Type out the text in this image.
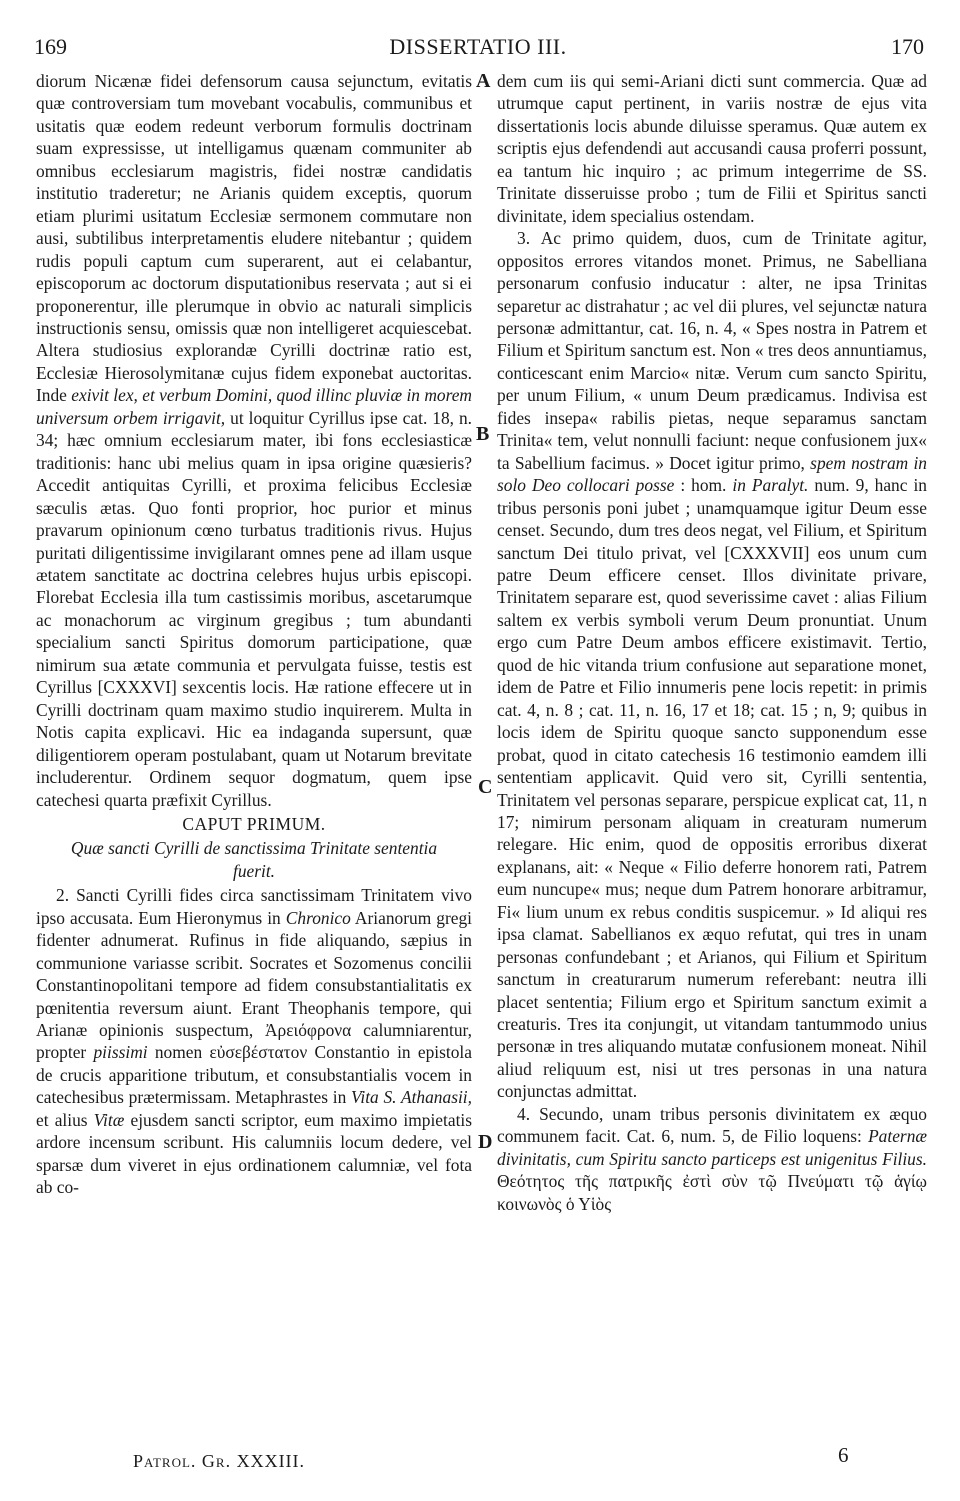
169	DISSERTATIO III.	170

diorum Nicænæ fidei defensorum causa sejunctum, evitatis quæ controversiam tum movebant vocabulis, communibus et usitatis quæ eodem redeunt verborum formulis doctrinam suam expressisse, ut intelligamus quænam communiter ab omnibus ecclesiarum magistris, fidei nostræ candidatis institutio traderetur; ne Arianis quidem exceptis, quorum etiam plurimi usitatum Ecclesiæ sermonem commutare non ausi, subtilibus interpretamentis eludere nitebantur ; quidem rudis populi captum cum superarent, aut ei celabantur, episcoporum ac doctorum disputationibus reservata ; aut si ei proponerentur, ille plerumque in obvio ac naturali simplicis instructionis sensu, omissis quæ non intelligeret acquiescebat. Altera studiosius explorandæ Cyrilli doctrinæ ratio est, Ecclesiæ Hierosolymitanæ cujus fidem exponebat auctoritas. Inde exivit lex, et verbum Domini, quod illinc pluviæ in morem universum orbem irrigavit, ut loquitur Cyrillus ipse cat. 18, n. 34; hæc omnium ecclesiarum mater, ibi fons ecclesiasticæ traditionis: hanc ubi melius quam in ipsa origine quæsieris? Accedit antiquitas Cyrilli, et proxima felicibus Ecclesiæ sæculis ætas. Quo fonti proprior, hoc purior et minus pravarum opinionum cœno turbatus traditionis rivus. Hujus puritati diligentissime invigilarant omnes pene ad illam usque ætatem sanctitate ac doctrina celebres hujus urbis episcopi. Florebat Ecclesia illa tum castissimis moribus, ascetarumque ac monachorum ac virginum gregibus ; tum abundanti specialium sancti Spiritus domorum participatione, quæ nimirum sua ætate communia et pervulgata fuisse, testis est Cyrillus [CXXXVI] sexcentis locis. Hæ ratione effecere ut in Cyrilli doctrinam quam maximo studio inquirerem. Multa in Notis capita explicavi. Hic ea indaganda supersunt, quæ diligentiorem operam postulabant, quam ut Notarum brevitate includerentur. Ordinem sequor dogmatum, quem ipse catechesi quarta præfixit Cyrillus.

CAPUT PRIMUM.
Quæ sancti Cyrilli de sanctissima Trinitate sententia fuerit.

2. Sancti Cyrilli fides circa sanctissimam Trinitatem vivo ipso accusata. Eum Hieronymus in Chronico Arianorum gregi fidenter adnumerat. Rufinus in fide aliquando, sæpius in communione variasse scribit. Socrates et Sozomenus concilii Constantinopolitani tempore ad fidem consubstantialitatis ex pœnitentia reversum aiunt. Erant Theophanis tempore, qui Arianæ opinionis suspectum, Ἀρειόφρονα calumniarentur, propter piissimi nomen εὐσεβέστατον Constantio in epistola de crucis apparitione tributum, et consubstantialis vocem in catechesibus prætermissam. Metaphrastes in Vita S. Athanasii, et alius Vitæ ejusdem sancti scriptor, eum maximo impietatis ardore incensum scribunt. His calumniis locum dedere, vel sparsæ dum viveret in ejus ordinationem calumniæ, vel fota ab co-

dem cum iis qui semi-Ariani dicti sunt commercia. Quæ ad utrumque caput pertinent, in variis nostræ de ejus vita dissertationis locis abunde diluisse speramus. Quæ autem ex scriptis ejus defendendi aut accusandi causa proferri possunt, ea tantum hic inquiro ; ac primum integerrime de SS. Trinitate disseruisse probo ; tum de Filii et Spiritus sancti divinitate, idem specialius ostendam.

3. Ac primo quidem, duos, cum de Trinitate agitur, oppositos errores vitandos monet. Primus, ne Sabelliana personarum confusio inducatur : alter, ne ipsa Trinitas separetur ac distrahatur ; ac vel dii plures, vel sejunctæ natura personæ admittantur, cat. 16, n. 4, « Spes nostra in Patrem et Filium et Spiritum sanctum est. Non « tres deos annuntiamus, conticescant enim Marcio« nitæ. Verum cum sancto Spiritu, per unum Filium, « unum Deum prædicamus. Indivisa est fides insepa« rabilis pietas, neque separamus sanctam Trinita« tem, velut nonnulli faciunt: neque confusionem jux« ta Sabellium facimus. » Docet igitur primo, spem nostram in solo Deo collocari posse : hom. in Paralyt. num. 9, hanc in tribus personis poni jubet ; unamquamque igitur Deum esse censet. Secundo, dum tres deos negat, vel Filium, et Spiritum sanctum Dei titulo privat, vel [CXXXVII] eos unum cum patre Deum efficere censet. Illos divinitate privare, Trinitatem separare est, quod severissime cavet : alias Filium saltem ex verbis symboli verum Deum pronuntiat. Unum ergo cum Patre Deum ambos efficere existimavit. Tertio, quod de hic vitanda trium confusione aut separatione monet, idem de Patre et Filio innumeris pene locis repetit: in primis cat. 4, n. 8 ; cat. 11, n. 16, 17 et 18; cat. 15 ; n, 9; quibus in locis idem de Spiritu quoque sancto supponendum esse probat, quod in citato catechesis 16 testimonio eamdem illi sententiam applicavit. Quid vero sit, Cyrilli sententia, Trinitatem vel personas separare, perspicue explicat cat, 11, n 17; nimirum personam aliquam in creaturam numerum relegare. Hic enim, quod de oppositis erroribus dixerat explanans, ait: « Neque « Filio deferre honorem rati, Patrem eum nuncupe« mus; neque dum Patrem honorare arbitramur, Fi« lium unum ex rebus conditis suspicemur. » Id aliqui res ipsa clamat. Sabellianos ex æquo refutat, qui tres in unam personas confundebant ; et Arianos, qui Filium et Spiritum sanctum in creaturarum numerum referebant: neutra illi placet sententia; Filium ergo et Spiritum sanctum eximit a creaturis. Tres ita conjungit, ut vitandam tantummodo unius personæ in tres aliquando mutatæ confusionem moneat. Nihil aliud reliquum est, nisi ut tres personas in una natura conjunctas admittat.

4. Secundo, unam tribus personis divinitatem ex æquo communem facit. Cat. 6, num. 5, de Filio loquens: Paternæ divinitatis, cum Spiritu sancto particeps est unigenitus Filius. Θεότητος τῆς πατρικῆς ἐστὶ σὺν τῷ Πνεύματι τῷ ἁγίῳ κοινωνὸς ὁ Υἱὸς

A
B
C
D
Patrol. Gr. XXXIII.	6
